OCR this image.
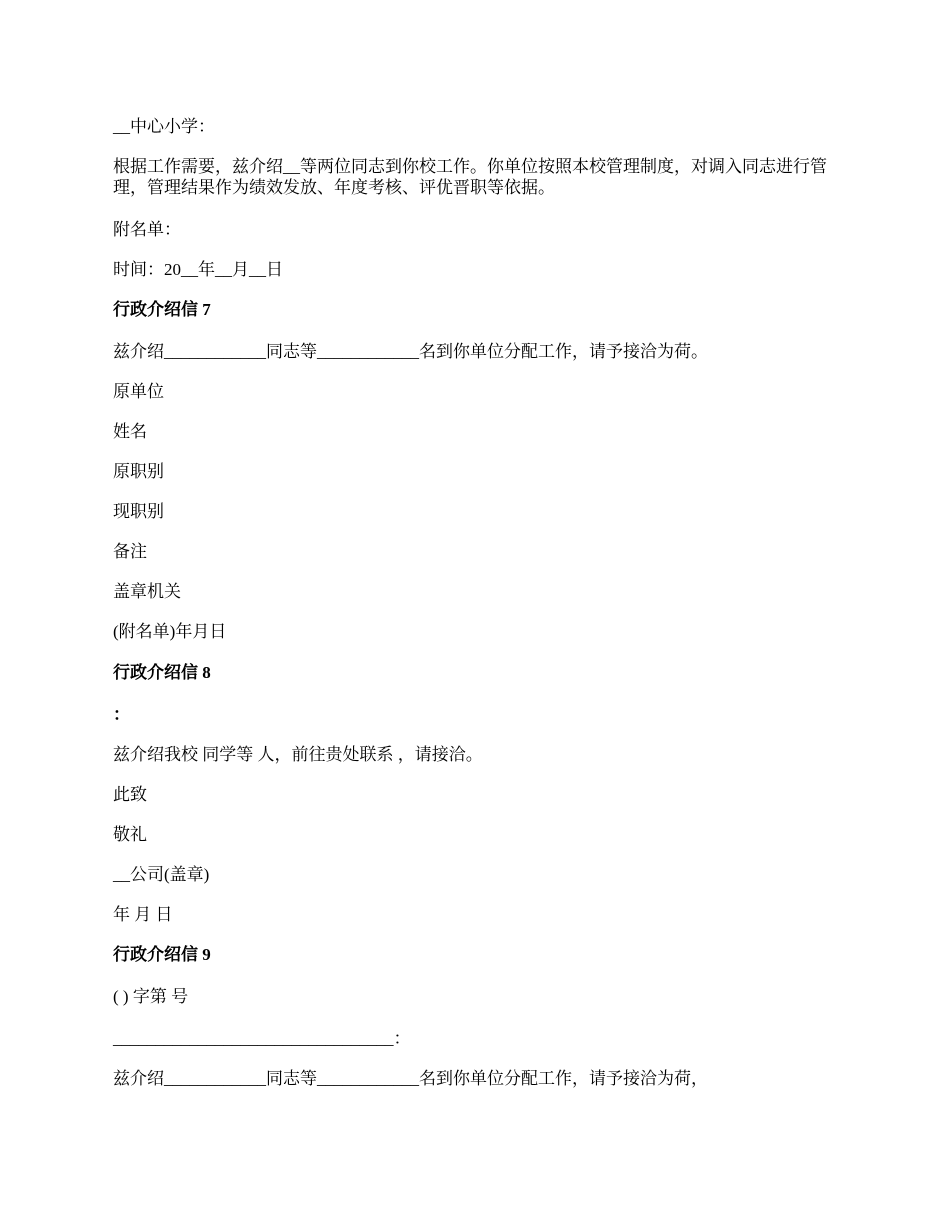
__中心小学：
根据工作需要，兹介绍__等两位同志到你校工作。你单位按照本校管理制度，对调入同志进行管理，管理结果作为绩效发放、年度考核、评优晋职等依据。
附名单：
时间：20__年__月__日
行政介绍信 7
兹介绍____________同志等____________名到你单位分配工作，请予接洽为荷。
原单位
姓名
原职别
现职别
备注
盖章机关
(附名单)年月日
行政介绍信 8
：
兹介绍我校 同学等 人，前往贵处联系 ，请接洽。
此致
敬礼
__公司(盖章)
年 月 日
行政介绍信 9
( ) 字第 号
_________________________________：
兹介绍____________同志等____________名到你单位分配工作，请予接洽为荷，
